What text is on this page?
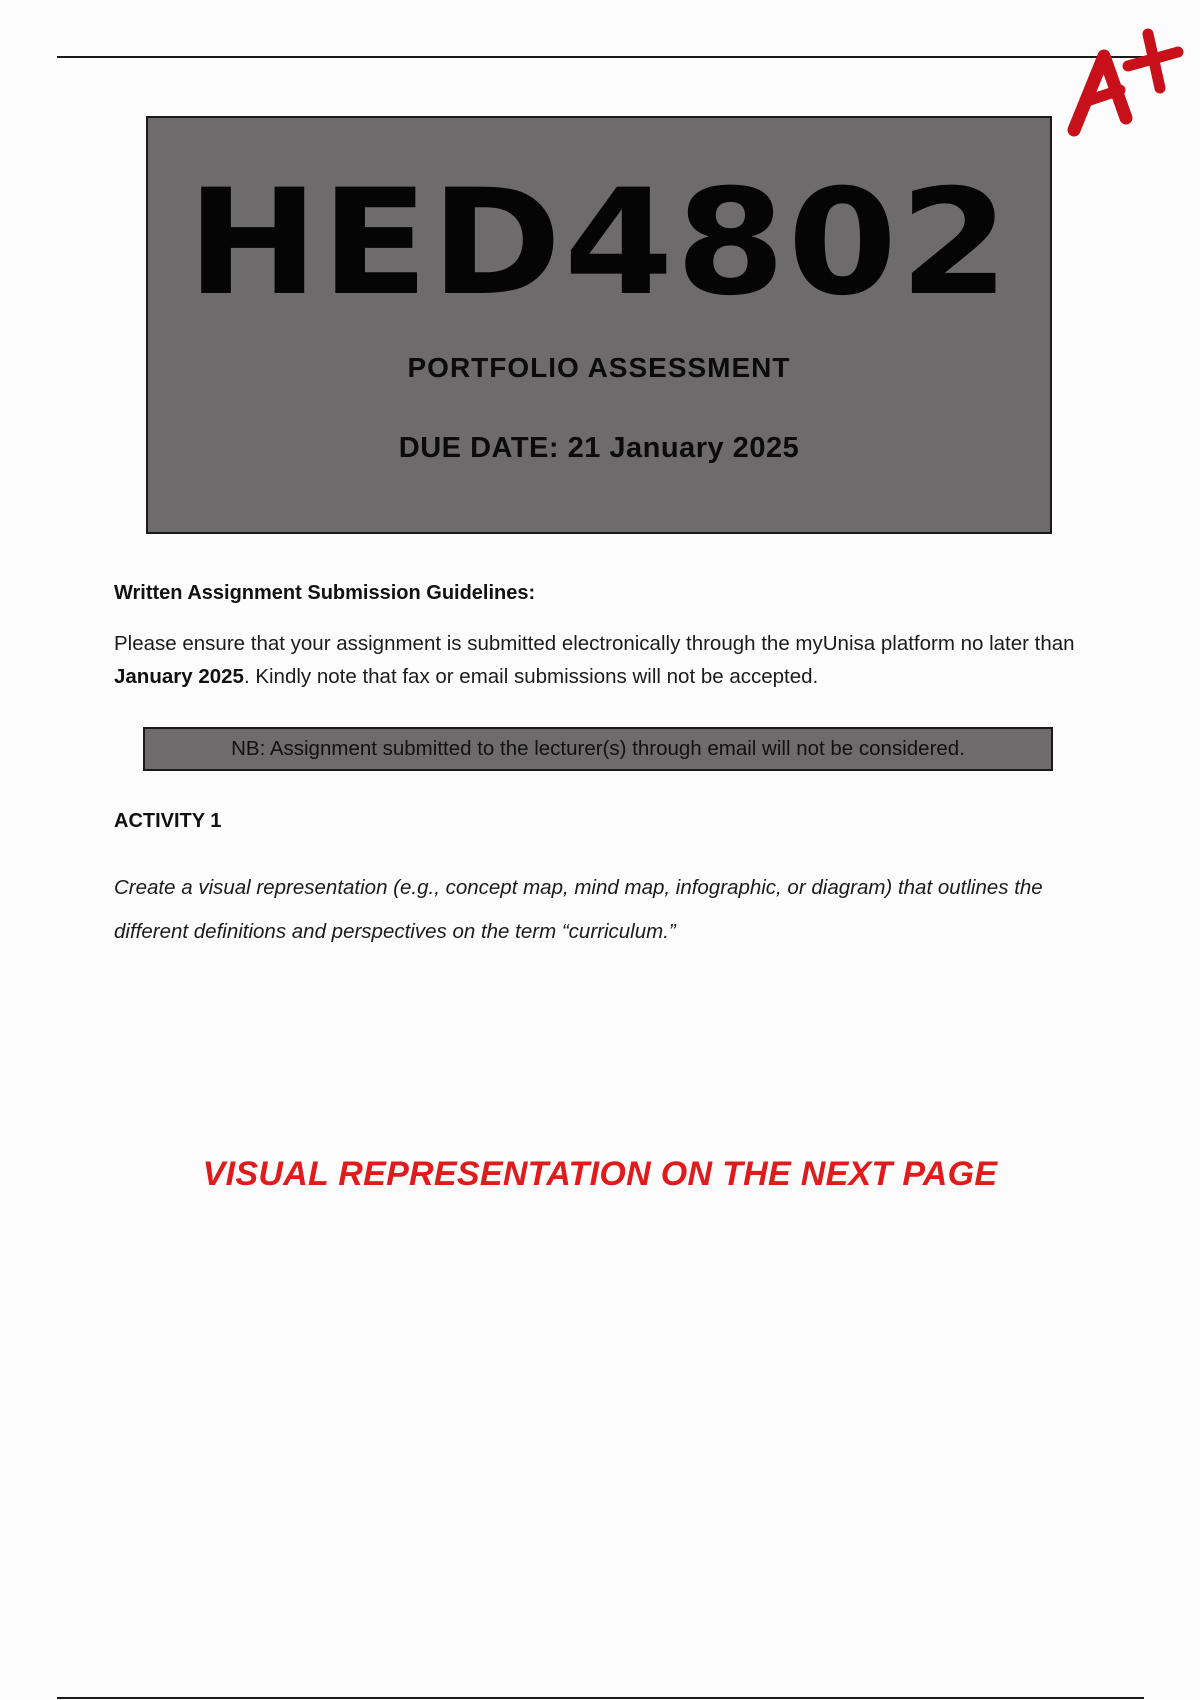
HED4802
PORTFOLIO ASSESSMENT
DUE DATE: 21 January 2025
Written Assignment Submission Guidelines:
Please ensure that your assignment is submitted electronically through the myUnisa platform no later than January 2025. Kindly note that fax or email submissions will not be accepted.
NB: Assignment submitted to the lecturer(s) through email will not be considered.
ACTIVITY 1
Create a visual representation (e.g., concept map, mind map, infographic, or diagram) that outlines the different definitions and perspectives on the term “curriculum.”
VISUAL REPRESENTATION ON THE NEXT PAGE
